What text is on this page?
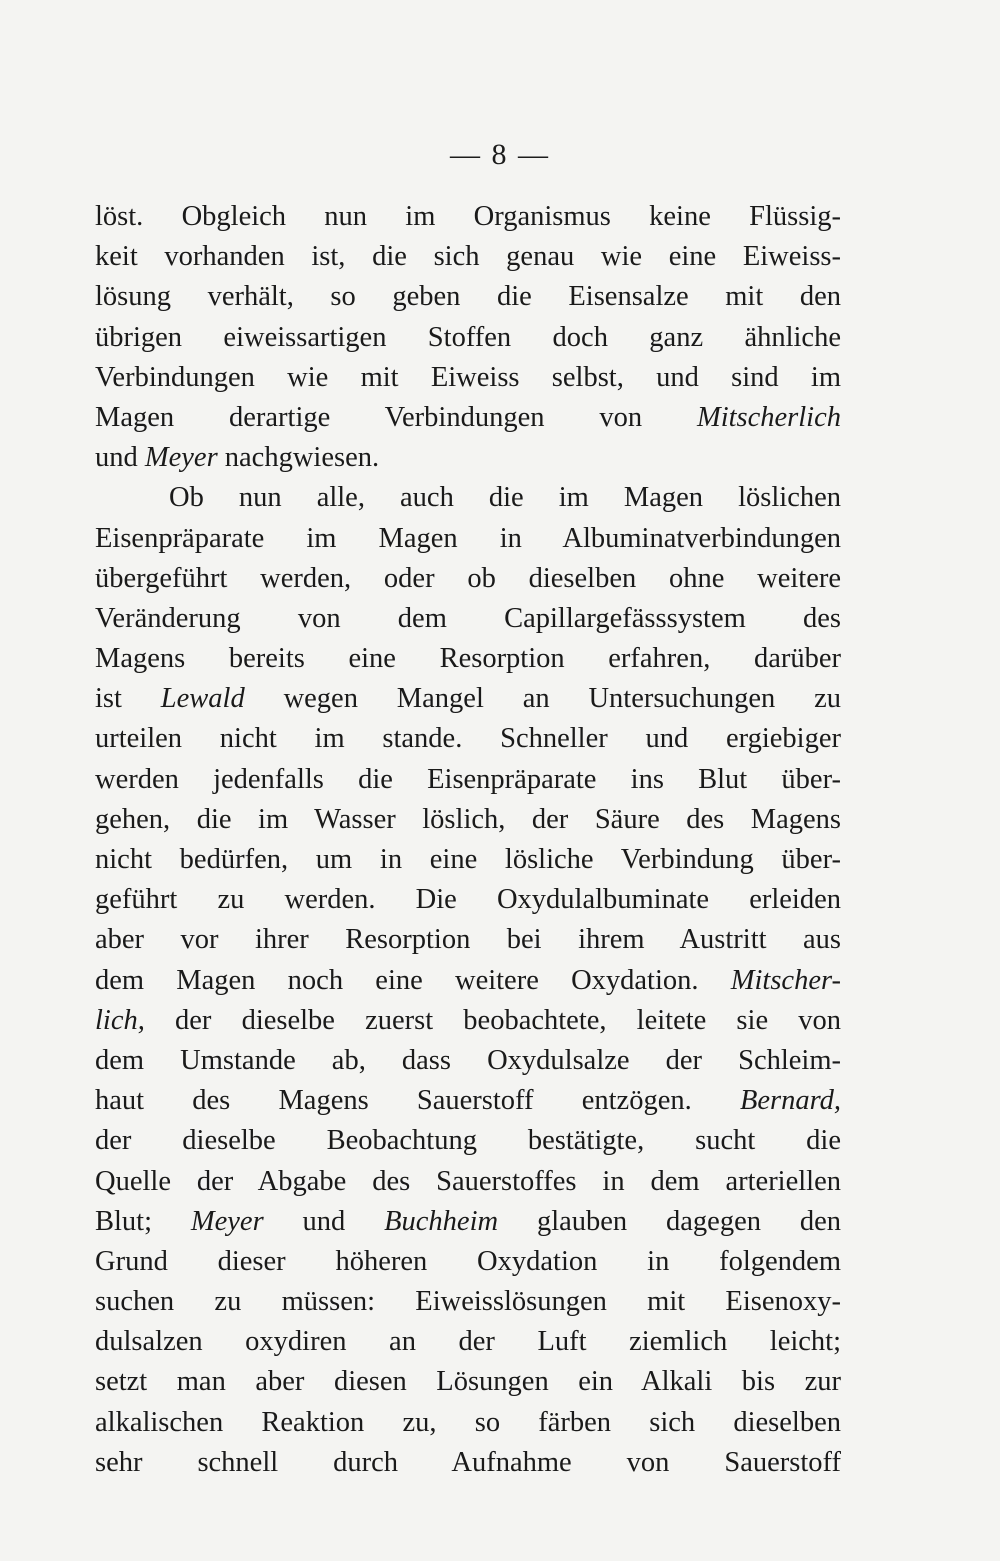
— 8 —
löst. Obgleich nun im Organismus keine Flüssig-
keit vorhanden ist, die sich genau wie eine Eiweiss-
lösung verhält, so geben die Eisensalze mit den
übrigen eiweissartigen Stoffen doch ganz ähnliche
Verbindungen wie mit Eiweiss selbst, und sind im
Magen derartige Verbindungen von Mitscherlich
und Meyer nachgwiesen.
Ob nun alle, auch die im Magen löslichen
Eisenpräparate im Magen in Albuminatverbindungen
übergeführt werden, oder ob dieselben ohne weitere
Veränderung von dem Capillargefässsystem des
Magens bereits eine Resorption erfahren, darüber
ist Lewald wegen Mangel an Untersuchungen zu
urteilen nicht im stande. Schneller und ergiebiger
werden jedenfalls die Eisenpräparate ins Blut über-
gehen, die im Wasser löslich, der Säure des Magens
nicht bedürfen, um in eine lösliche Verbindung über-
geführt zu werden. Die Oxydulalbuminate erleiden
aber vor ihrer Resorption bei ihrem Austritt aus
dem Magen noch eine weitere Oxydation. Mitscher-
lich, der dieselbe zuerst beobachtete, leitete sie von
dem Umstande ab, dass Oxydulsalze der Schleim-
haut des Magens Sauerstoff entzögen. Bernard,
der dieselbe Beobachtung bestätigte, sucht die
Quelle der Abgabe des Sauerstoffes in dem arteriellen
Blut; Meyer und Buchheim glauben dagegen den
Grund dieser höheren Oxydation in folgendem
suchen zu müssen: Eiweisslösungen mit Eisenoxy-
dulsalzen oxydiren an der Luft ziemlich leicht;
setzt man aber diesen Lösungen ein Alkali bis zur
alkalischen Reaktion zu, so färben sich dieselben
sehr schnell durch Aufnahme von Sauerstoff
